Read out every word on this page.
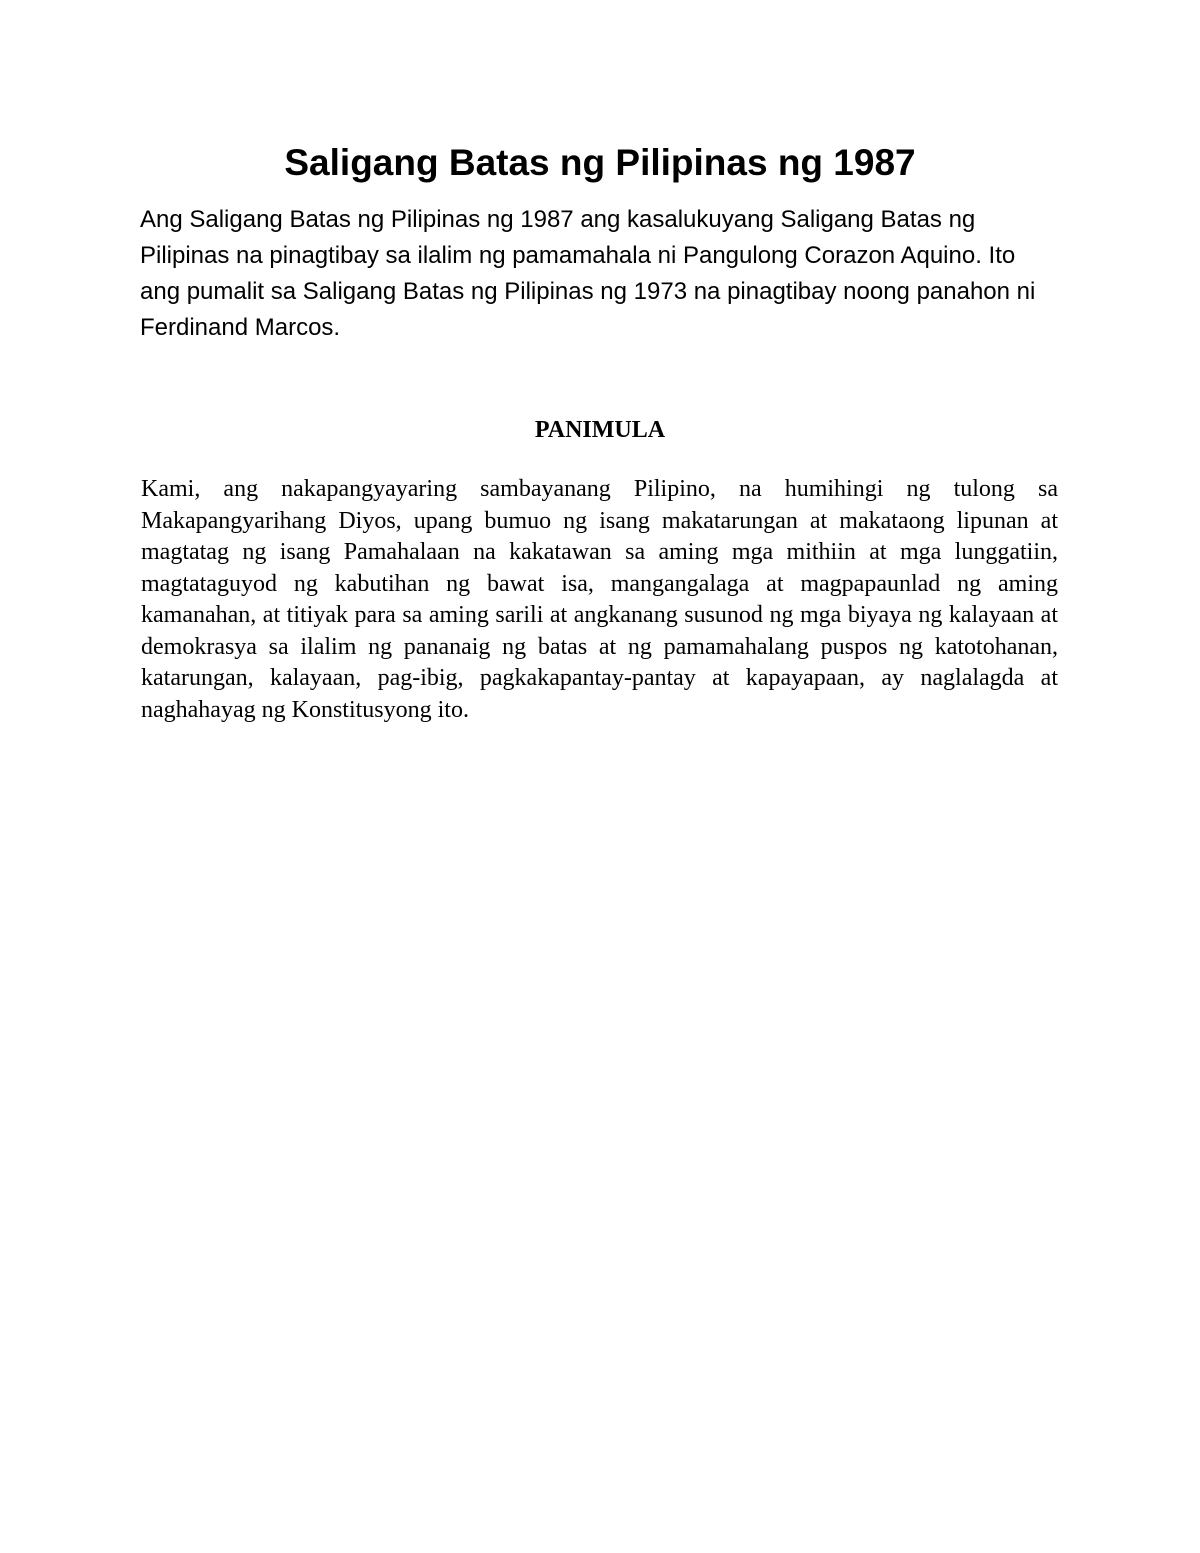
Saligang Batas ng Pilipinas ng 1987

Ang Saligang Batas ng Pilipinas ng 1987 ang kasalukuyang Saligang Batas ng Pilipinas na pinagtibay sa ilalim ng pamamahala ni Pangulong Corazon Aquino. Ito ang pumalit sa Saligang Batas ng Pilipinas ng 1973 na pinagtibay noong panahon ni Ferdinand Marcos.

PANIMULA

Kami, ang nakapangyayaring sambayanang Pilipino, na humihingi ng tulong sa Makapangyarihang Diyos, upang bumuo ng isang makatarungan at makataong lipunan at magtatag ng isang Pamahalaan na kakatawan sa aming mga mithiin at mga lunggatiin, magtataguyod ng kabutihan ng bawat isa, mangangalaga at magpapaunlad ng aming kamanahan, at titiyak para sa aming sarili at angkanang susunod ng mga biyaya ng kalayaan at demokrasya sa ilalim ng pananaig ng batas at ng pamamahalang puspos ng katotohanan, katarungan, kalayaan, pag-ibig, pagkakapantay-pantay at kapayapaan, ay naglalagda at naghahayag ng Konstitusyong ito.
